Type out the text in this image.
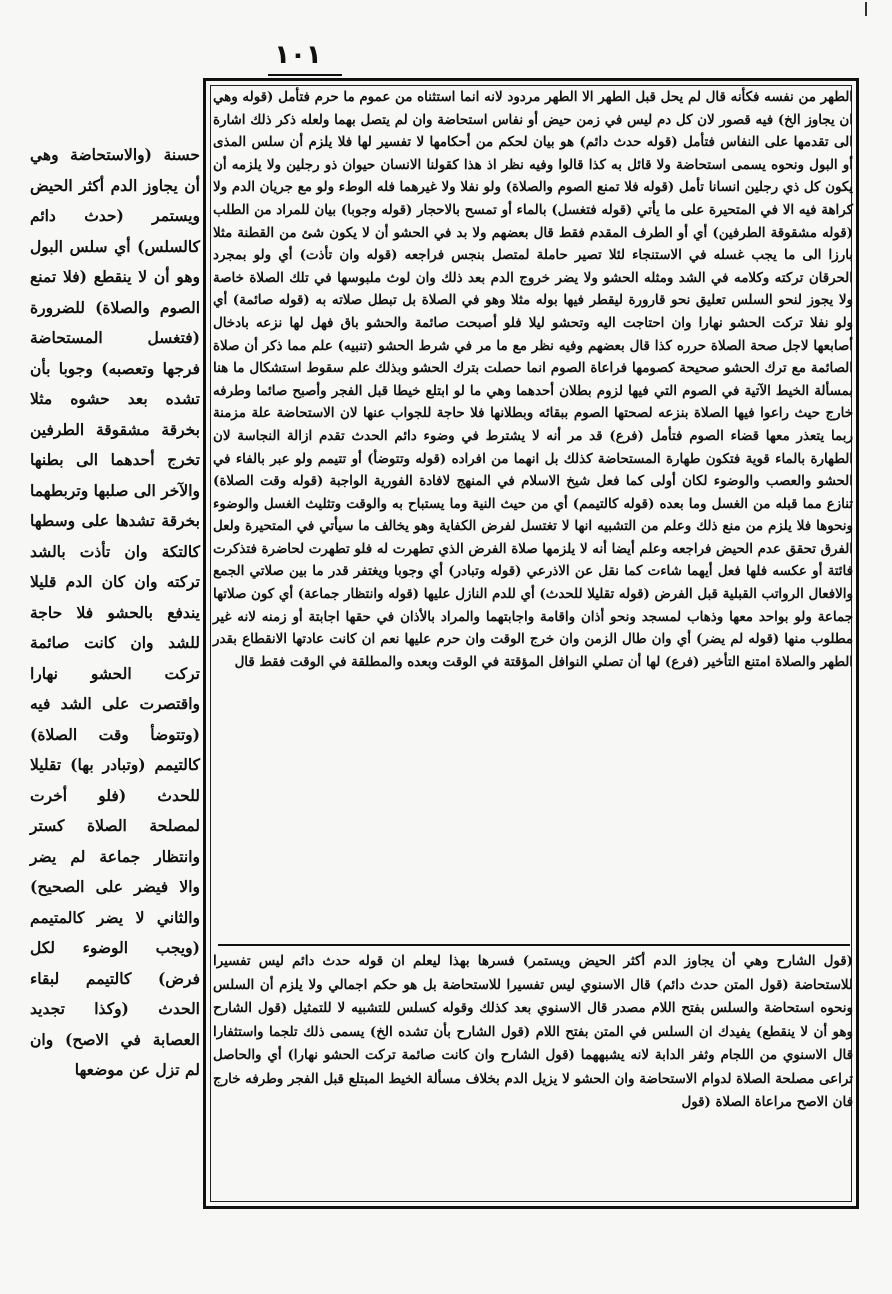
١٠١

الطهر من نفسه فكأنه قال لم يحل قبل الطهر الا الطهر مردود لانه انما استثناه من عموم ما حرم فتأمل (قوله وهي ان يجاوز الخ) فيه قصور لان كل دم ليس في زمن حيض أو نفاس استحاضة وان لم يتصل بهما ولعله ذكر ذلك اشارة الى تقدمها على النفاس فتأمل (قوله حدث دائم) هو بيان لحكم من أحكامها لا تفسير لها فلا يلزم أن سلس المذى أو البول ونحوه يسمى استحاضة ولا قائل به كذا قالوا وفيه نظر اذ هذا كقولنا الانسان حيوان ذو رجلين ولا يلزمه أن يكون كل ذي رجلين انسانا تأمل (قوله فلا تمنع الصوم والصلاة) ولو نفلا ولا غيرهما فله الوطء ولو مع جريان الدم ولا كراهة فيه الا في المتحيرة على ما يأتي (قوله فتغسل) بالماء أو تمسح بالاحجار (قوله وجوبا) بيان للمراد من الطلب (قوله مشقوقة الطرفين) أي أو الطرف المقدم فقط قال بعضهم ولا بد في الحشو أن لا يكون شئ من القطنة مثلا بارزا الى ما يجب غسله في الاستنجاء لئلا تصير حاملة لمتصل بنجس فراجعه (قوله وان تأذت) أي ولو بمجرد الحرقان تركته وكلامه في الشد ومثله الحشو ولا يضر خروج الدم بعد ذلك وان لوث ملبوسها في تلك الصلاة خاصة ولا يجوز لنحو السلس تعليق نحو قارورة ليقطر فيها بوله مثلا وهو في الصلاة بل تبطل صلاته به (قوله صائمة) أي ولو نفلا تركت الحشو نهارا وان احتاجت اليه وتحشو ليلا فلو أصبحت صائمة والحشو باق فهل لها نزعه بادخال أصابعها لاجل صحة الصلاة حرره كذا قال بعضهم وفيه نظر مع ما مر في شرط الحشو (تنبيه) علم مما ذكر أن صلاة الصائمة مع ترك الحشو صحيحة كصومها فراعاة الصوم انما حصلت بترك الحشو وبذلك علم سقوط استشكال ما هنا بمسألة الخيط الآتية في الصوم التي فيها لزوم بطلان أحدهما وهي ما لو ابتلع خيطا قبل الفجر وأصبح صائما وطرفه خارج حيث راعوا فيها الصلاة بنزعه لصحتها الصوم ببقائه وبطلانها فلا حاجة للجواب عنها لان الاستحاضة علة مزمنة ربما يتعذر معها قضاء الصوم فتأمل (فرع) قد مر أنه لا يشترط في وضوء دائم الحدث تقدم ازالة النجاسة لان الطهارة بالماء قوية فتكون طهارة المستحاضة كذلك بل انهما من افراده (قوله وتتوضأ) أو تتيمم ولو عبر بالفاء في الحشو والعصب والوضوء لكان أولى كما فعل شيخ الاسلام في المنهج لافادة الفورية الواجبة (قوله وقت الصلاة) تنازع مما قبله من الغسل وما بعده (قوله كالتيمم) أي من حيث النية وما يستباح به والوقت وتثليث الغسل والوضوء ونحوها فلا يلزم من منع ذلك وعلم من التشبيه انها لا تغتسل لفرض الكفاية وهو يخالف ما سيأتي في المتحيرة ولعل الفرق تحقق عدم الحيض فراجعه وعلم أيضا أنه لا يلزمها صلاة الفرض الذي تطهرت له فلو تطهرت لحاضرة فتذكرت فائتة أو عكسه فلها فعل أيهما شاءت كما نقل عن الاذرعي (قوله وتبادر) أي وجوبا ويغتفر قدر ما بين صلاتي الجمع والافعال الرواتب القبلية قبل الفرض (قوله تقليلا للحدث) أي للدم النازل عليها (قوله وانتظار جماعة) أي كون صلاتها جماعة ولو بواحد معها وذهاب لمسجد ونحو أذان واقامة واجابتهما والمراد بالأذان في حقها اجابتة أو زمنه لانه غير مطلوب منها (قوله لم يضر) أي وان طال الزمن وان خرج الوقت وان حرم عليها نعم ان كانت عادتها الانقطاع بقدر الطهر والصلاة امتنع التأخير (فرع) لها أن تصلي النوافل المؤقتة في الوقت وبعده والمطلقة في الوقت فقط قال

(قول الشارح وهي أن يجاوز الدم أكثر الحيض ويستمر) فسرها بهذا ليعلم ان قوله حدث دائم ليس تفسيرا للاستحاضة (قول المتن حدث دائم) قال الاسنوي ليس تفسيرا للاستحاضة بل هو حكم اجمالي ولا يلزم أن السلس ونحوه استحاضة والسلس بفتح اللام مصدر قال الاسنوي بعد كذلك وقوله كسلس للتشبيه لا للتمثيل (قول الشارح وهو أن لا ينقطع) يفيدك ان السلس في المتن بفتح اللام (قول الشارح بأن تشده الخ) يسمى ذلك تلجما واستثفارا قال الاسنوي من اللجام وثفر الدابة لانه يشبههما (قول الشارح وان كانت صائمة تركت الحشو نهارا) أي والحاصل تراعى مصلحة الصلاة لدوام الاستحاضة وان الحشو لا يزيل الدم بخلاف مسألة الخيط المبتلع قبل الفجر وطرفه خارج فان الاصح مراعاة الصلاة (قول

حسنة (والاستحاضة وهي أن يجاوز الدم أكثر الحيض ويستمر (حدث دائم كالسلس) أي سلس البول وهو أن لا ينقطع (فلا تمنع الصوم والصلاة) للضرورة (فتغسل المستحاضة فرجها وتعصبه) وجوبا بأن تشده بعد حشوه مثلا بخرقة مشقوقة الطرفين تخرج أحدهما الى بطنها والآخر الى صلبها وتربطهما بخرقة تشدها على وسطها كالتكة وان تأذت بالشد تركته وان كان الدم قليلا يندفع بالحشو فلا حاجة للشد وان كانت صائمة تركت الحشو نهارا واقتصرت على الشد فيه (وتتوضأ وقت الصلاة) كالتيمم (وتبادر بها) تقليلا للحدث (فلو أخرت لمصلحة الصلاة كستر وانتظار جماعة لم يضر والا فيضر على الصحيح) والثاني لا يضر كالمتيمم (ويجب الوضوء لكل فرض) كالتيمم لبقاء الحدث (وكذا تجديد العصابة في الاصح) وان لم تزل عن موضعها
